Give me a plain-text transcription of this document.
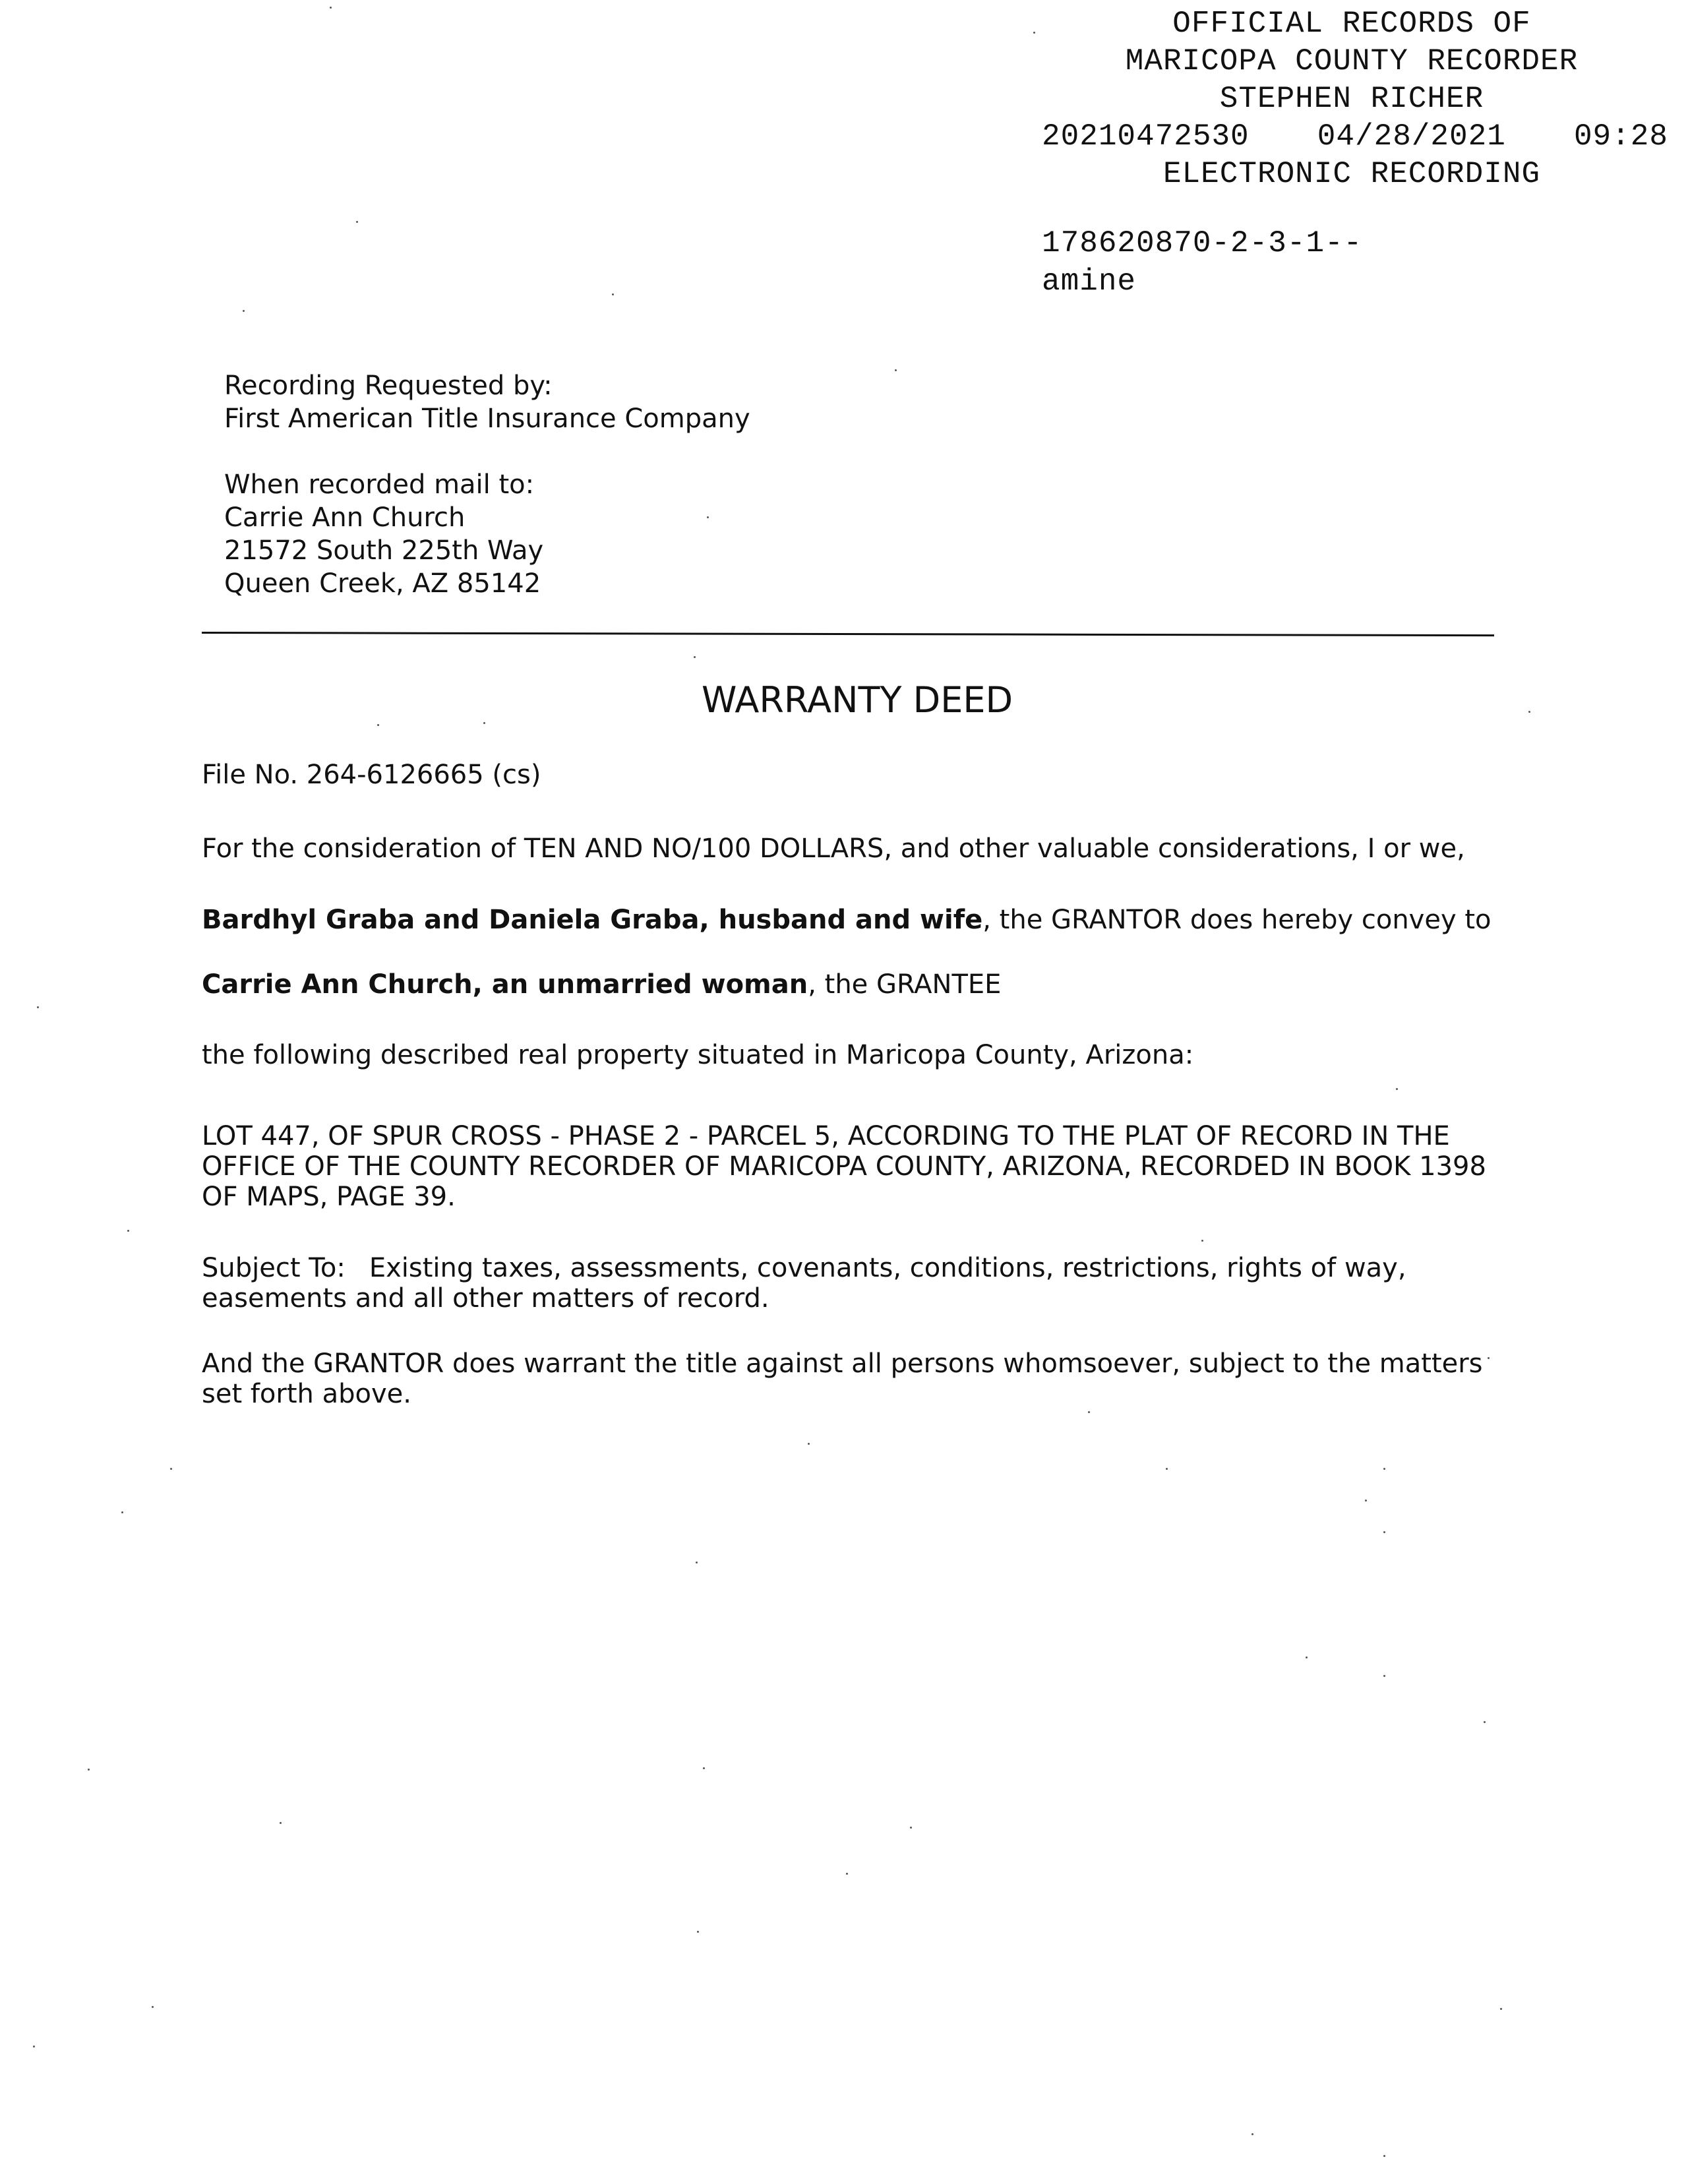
OFFICIAL RECORDS OF
MARICOPA COUNTY RECORDER
STEPHEN RICHER
20210472530 04/28/2021 09:28
ELECTRONIC RECORDING
178620870-2-3-1--
amine
Recording Requested by:
First American Title Insurance Company
When recorded mail to:
Carrie Ann Church
21572 South 225th Way
Queen Creek, AZ 85142
WARRANTY DEED
File No. 264-6126665 (cs)
For the consideration of TEN AND NO/100 DOLLARS, and other valuable considerations, I or we,
Bardhyl Graba and Daniela Graba, husband and wife, the GRANTOR does hereby convey to
Carrie Ann Church, an unmarried woman, the GRANTEE
the following described real property situated in Maricopa County, Arizona:
LOT 447, OF SPUR CROSS - PHASE 2 - PARCEL 5, ACCORDING TO THE PLAT OF RECORD IN THE OFFICE OF THE COUNTY RECORDER OF MARICOPA COUNTY, ARIZONA, RECORDED IN BOOK 1398 OF MAPS, PAGE 39.
Subject To: Existing taxes, assessments, covenants, conditions, restrictions, rights of way, easements and all other matters of record.
And the GRANTOR does warrant the title against all persons whomsoever, subject to the matters set forth above.
